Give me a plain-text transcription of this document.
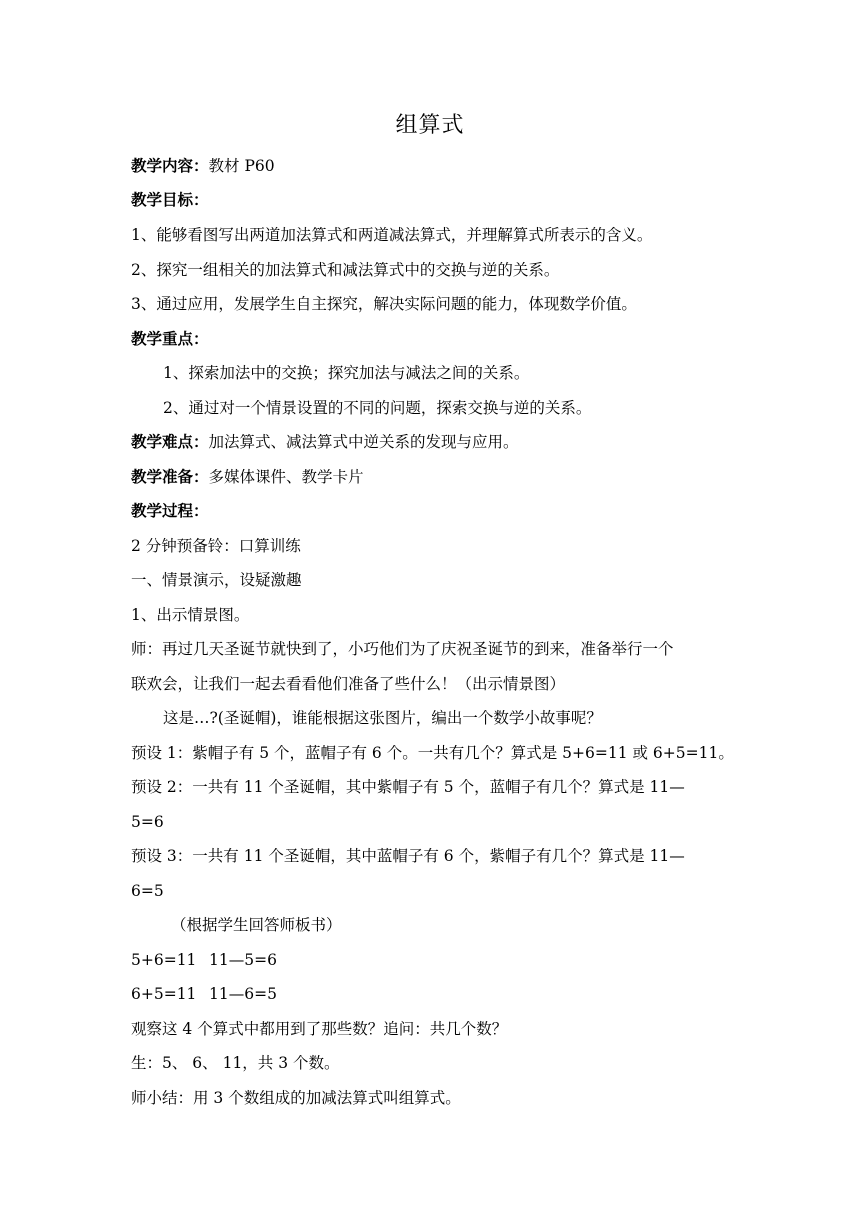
组算式
教学内容：教材 P60
教学目标：
1、能够看图写出两道加法算式和两道减法算式，并理解算式所表示的含义。
2、探究一组相关的加法算式和减法算式中的交换与逆的关系。
3、通过应用，发展学生自主探究，解决实际问题的能力，体现数学价值。
教学重点：
1、探索加法中的交换；探究加法与减法之间的关系。
2、通过对一个情景设置的不同的问题，探索交换与逆的关系。
教学难点：加法算式、减法算式中逆关系的发现与应用。
教学准备：多媒体课件、教学卡片
教学过程：
2 分钟预备铃：口算训练
一、情景演示，设疑激趣
1、出示情景图。
师：再过几天圣诞节就快到了，小巧他们为了庆祝圣诞节的到来，准备举行一个
联欢会，让我们一起去看看他们准备了些什么！（出示情景图）
这是…?(圣诞帽)，谁能根据这张图片，编出一个数学小故事呢？
预设 1：紫帽子有 5 个，蓝帽子有 6 个。一共有几个？算式是 5+6=11 或 6+5=11。
预设 2：一共有 11 个圣诞帽，其中紫帽子有 5 个，蓝帽子有几个？算式是 11—
5=6
预设 3：一共有 11 个圣诞帽，其中蓝帽子有 6 个，紫帽子有几个？算式是 11—
6=5
（根据学生回答师板书）
5+6=11 11—5=6
6+5=11 11—6=5
观察这 4 个算式中都用到了那些数？追问：共几个数？
生：5、 6、 11，共 3 个数。
师小结：用 3 个数组成的加减法算式叫组算式。
